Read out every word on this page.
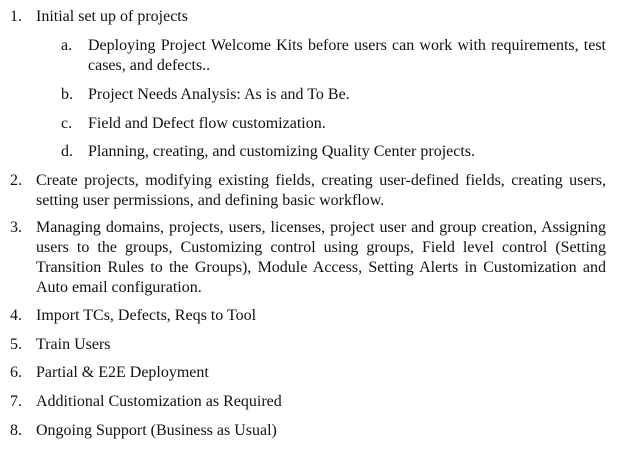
1. Initial set up of projects
a. Deploying Project Welcome Kits before users can work with requirements, test cases, and defects..
b. Project Needs Analysis: As is and To Be.
c. Field and Defect flow customization.
d. Planning, creating, and customizing Quality Center projects.
2. Create projects, modifying existing fields, creating user-defined fields, creating users, setting user permissions, and defining basic workflow.
3. Managing domains, projects, users, licenses, project user and group creation, Assigning users to the groups, Customizing control using groups, Field level control (Setting Transition Rules to the Groups), Module Access, Setting Alerts in Customization and Auto email configuration.
4. Import TCs, Defects, Reqs to Tool
5. Train Users
6. Partial & E2E Deployment
7. Additional Customization as Required
8. Ongoing Support (Business as Usual)
